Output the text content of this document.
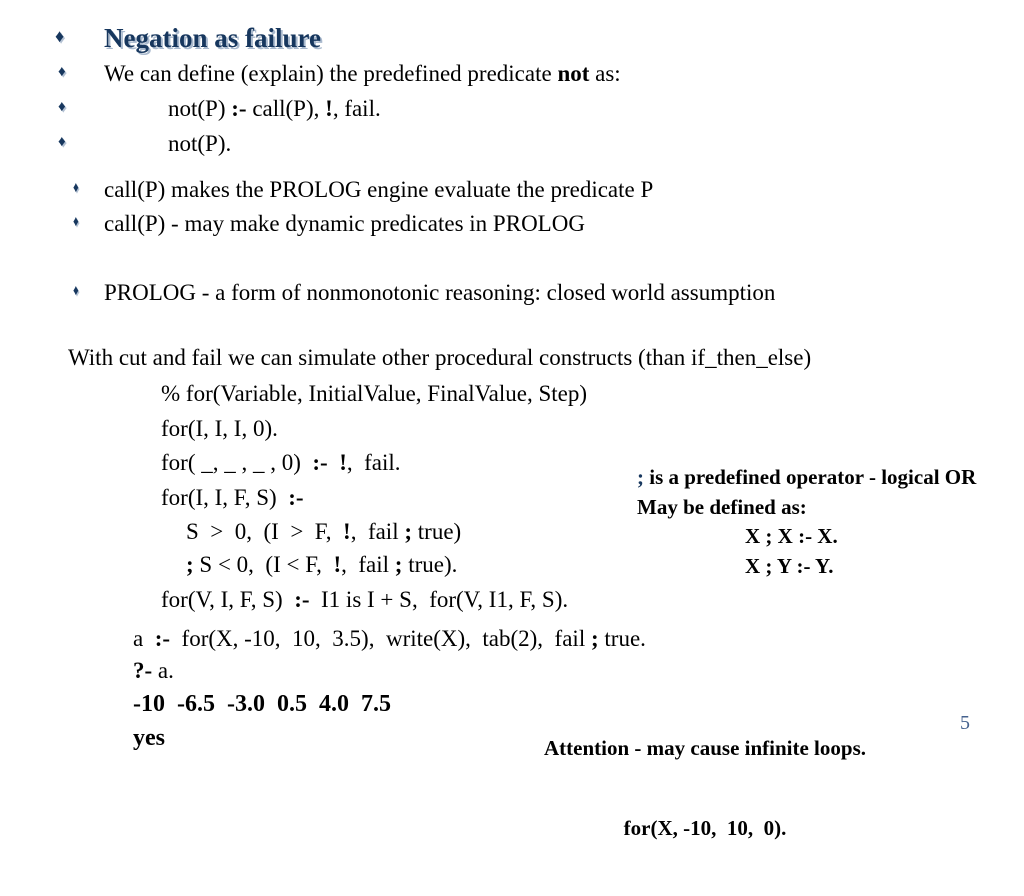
♦
♦
♦
♦
♦
♦
♦
Negation as failure
We can define (explain) the predefined predicate not as:
not(P) :- call(P), !, fail.
not(P).
call(P) makes the PROLOG engine evaluate the predicate P
call(P) - may make dynamic predicates in PROLOG
PROLOG - a form of nonmonotonic reasoning: closed world assumption
With cut and fail we can simulate other procedural constructs (than if_then_else)
% for(Variable, InitialValue, FinalValue, Step)
for(I, I, I, 0).
for( _, _ , _ , 0)  :- !,  fail.
for(I, I, F, S)  :-
S  >  0,  (I  >  F,  !,  fail ; true)
; S < 0,  (I < F,  !,  fail ; true).
for(V, I, F, S)  :-  I1 is I + S,  for(V, I1, F, S).
a  :-  for(X, -10,  10,  3.5),  write(X),  tab(2),  fail ; true.
?- a.
-10  -6.5  -3.0  0.5  4.0  7.5
yes
; is a predefined operator - logical OR
May be defined as:
X ; X :- X.
X ; Y :- Y.

Attention - may cause infinite loops.

for(X, -10,  10,  0).

5
